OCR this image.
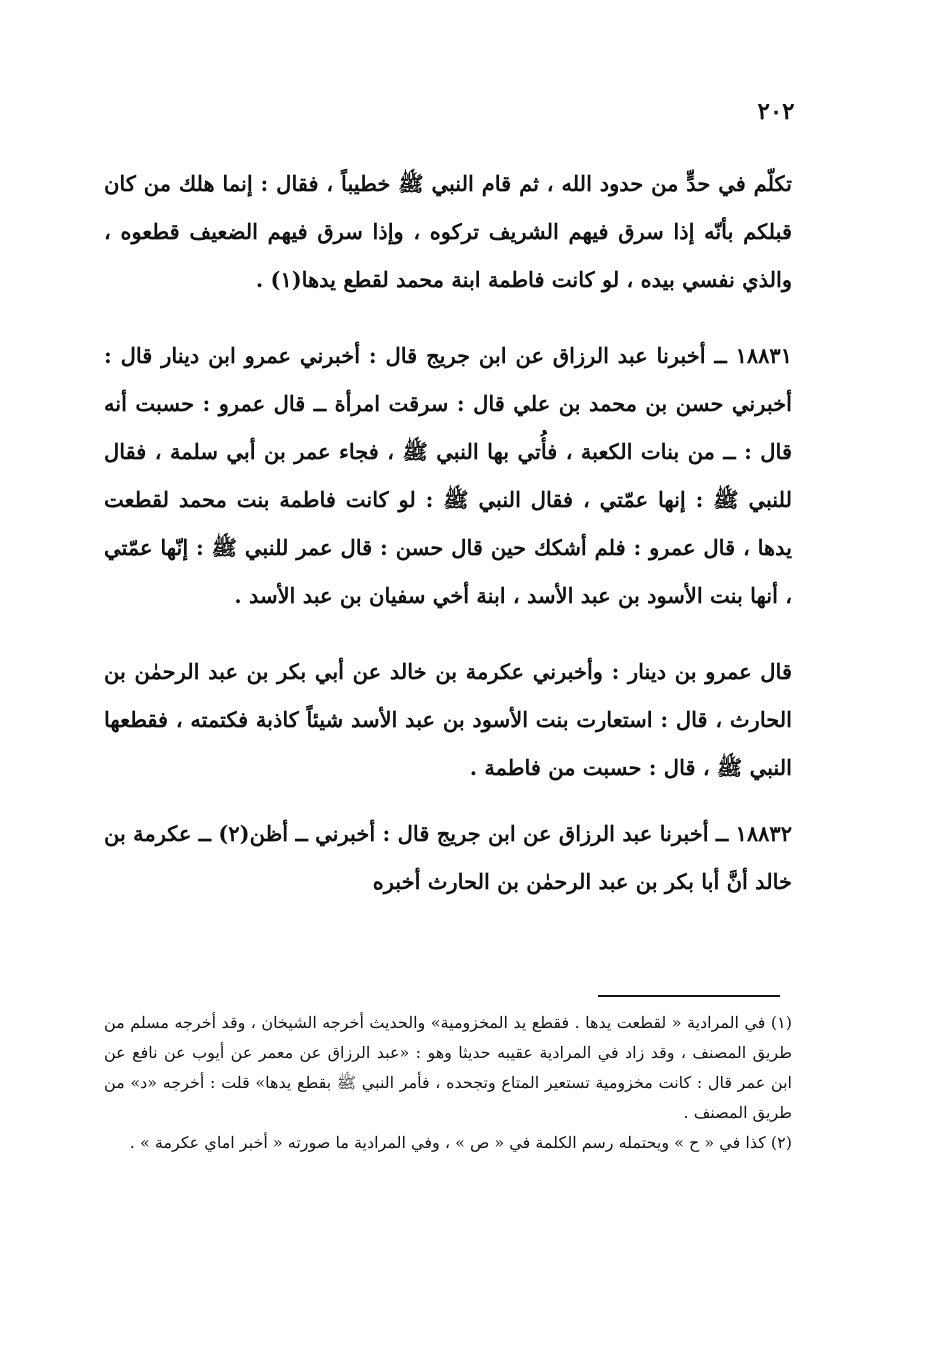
٢٠٢

تكلّم في حدٍّ من حدود الله ، ثم قام النبي ﷺ خطيباً ، فقال : إنما هلك من كان قبلكم بأنّه إذا سرق فيهم الشريف تركوه ، وإذا سرق فيهم الضعيف قطعوه ، والذي نفسي بيده ، لو كانت فاطمة ابنة محمد لقطع يدها(١) .

١٨٨٣١ ــ أخبرنا عبد الرزاق عن ابن جريج قال : أخبرني عمرو ابن دينار قال : أخبرني حسن بن محمد بن علي قال : سرقت امرأة ــ قال عمرو : حسبت أنه قال : ــ من بنات الكعبة ، فأُتي بها النبي ﷺ ، فجاء عمر بن أبي سلمة ، فقال للنبي ﷺ : إنها عمّتي ، فقال النبي ﷺ : لو كانت فاطمة بنت محمد لقطعت يدها ، قال عمرو : فلم أشكك حين قال حسن : قال عمر للنبي ﷺ : إنّها عمّتي ، أنها بنت الأسود بن عبد الأسد ، ابنة أخي سفيان بن عبد الأسد .

قال عمرو بن دينار : وأخبرني عكرمة بن خالد عن أبي بكر بن عبد الرحمٰن بن الحارث ، قال : استعارت بنت الأسود بن عبد الأسد شيئاً كاذبة فكتمته ، فقطعها النبي ﷺ ، قال : حسبت من فاطمة .

١٨٨٣٢ ــ أخبرنا عبد الرزاق عن ابن جريج قال : أخبرني ــ أظن(٢) ــ عكرمة بن خالد أنَّ أبا بكر بن عبد الرحمٰن بن الحارث أخبره

(١) في المرادية « لقطعت يدها . فقطع يد المخزومية» والحديث أخرجه الشيخان ، وقد أخرجه مسلم من طريق المصنف ، وقد زاد في المرادية عقيبه حديثا وهو : «عبد الرزاق عن معمر عن أيوب عن نافع عن ابن عمر قال : كانت مخزومية تستعير المتاع وتجحده ، فأمر النبي ﷺ بقطع يدها» قلت : أخرجه «د» من طريق المصنف .

(٢) كذا في « ح » ويحتمله رسم الكلمة في « ص » ، وفي المرادية ما صورته « أخبر اماي عكرمة » .
